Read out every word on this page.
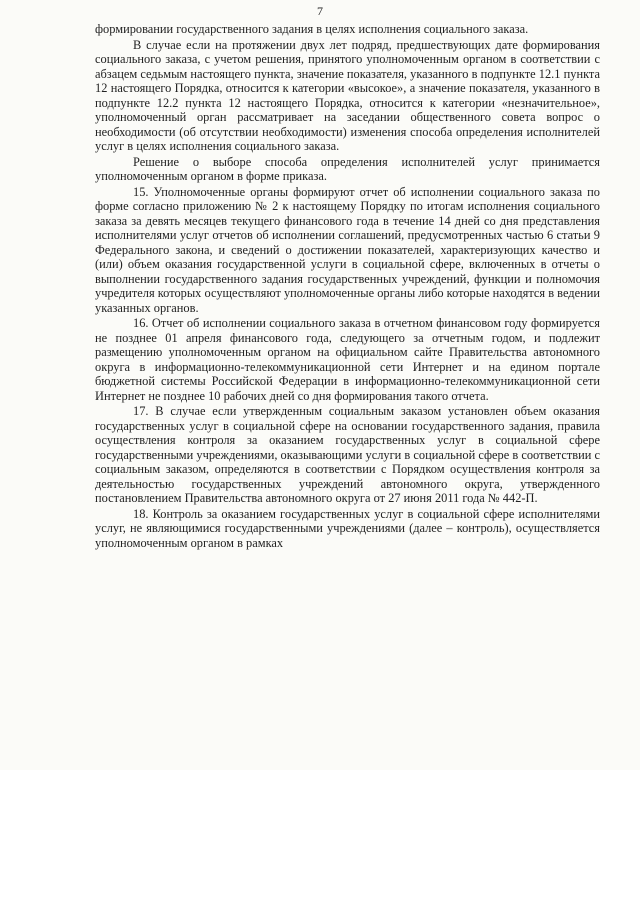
7

формировании государственного задания в целях исполнения социального заказа.

В случае если на протяжении двух лет подряд, предшествующих дате формирования социального заказа, с учетом решения, принятого уполномоченным органом в соответствии с абзацем седьмым настоящего пункта, значение показателя, указанного в подпункте 12.1 пункта 12 настоящего Порядка, относится к категории «высокое», а значение показателя, указанного в подпункте 12.2 пункта 12 настоящего Порядка, относится к категории «незначительное», уполномоченный орган рассматривает на заседании общественного совета вопрос о необходимости (об отсутствии необходимости) изменения способа определения исполнителей услуг в целях исполнения социального заказа.

Решение о выборе способа определения исполнителей услуг принимается уполномоченным органом в форме приказа.

15. Уполномоченные органы формируют отчет об исполнении социального заказа по форме согласно приложению № 2 к настоящему Порядку по итогам исполнения социального заказа за девять месяцев текущего финансового года в течение 14 дней со дня представления исполнителями услуг отчетов об исполнении соглашений, предусмотренных частью 6 статьи 9 Федерального закона, и сведений о достижении показателей, характеризующих качество и (или) объем оказания государственной услуги в социальной сфере, включенных в отчеты о выполнении государственного задания государственных учреждений, функции и полномочия учредителя которых осуществляют уполномоченные органы либо которые находятся в ведении указанных органов.

16. Отчет об исполнении социального заказа в отчетном финансовом году формируется не позднее 01 апреля финансового года, следующего за отчетным годом, и подлежит размещению уполномоченным органом на официальном сайте Правительства автономного округа в информационно-телекоммуникационной сети Интернет и на едином портале бюджетной системы Российской Федерации в информационно-телекоммуникационной сети Интернет не позднее 10 рабочих дней со дня формирования такого отчета.

17. В случае если утвержденным социальным заказом установлен объем оказания государственных услуг в социальной сфере на основании государственного задания, правила осуществления контроля за оказанием государственных услуг в социальной сфере государственными учреждениями, оказывающими услуги в социальной сфере в соответствии с социальным заказом, определяются в соответствии с Порядком осуществления контроля за деятельностью государственных учреждений автономного округа, утвержденного постановлением Правительства автономного округа от 27 июня 2011 года № 442-П.

18. Контроль за оказанием государственных услуг в социальной сфере исполнителями услуг, не являющимися государственными учреждениями (далее – контроль), осуществляется уполномоченным органом в рамках
